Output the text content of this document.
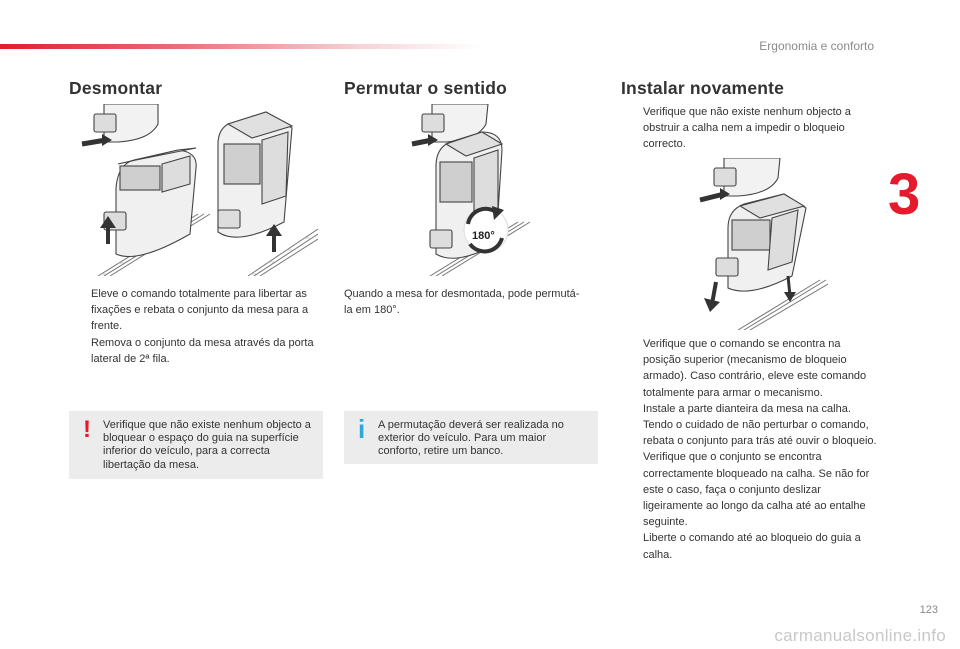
Ergonomia e conforto
3
Desmontar
Eleve o comando totalmente para libertar as fixações e rebata o conjunto da mesa para a frente.
Remova o conjunto da mesa através da porta lateral de 2ª fila.
! Verifique que não existe nenhum objecto a bloquear o espaço do guia na superfície inferior do veículo, para a correcta libertação da mesa.
Permutar o sentido
180°
Quando a mesa for desmontada, pode permutá-la em 180°.
i A permutação deverá ser realizada no exterior do veículo. Para um maior conforto, retire um banco.
Instalar novamente
Verifique que não existe nenhum objecto a obstruir a calha nem a impedir o bloqueio correcto.
Verifique que o comando se encontra na posição superior (mecanismo de bloqueio armado). Caso contrário, eleve este comando totalmente para armar o mecanismo.
Instale a parte dianteira da mesa na calha.
Tendo o cuidado de não perturbar o comando, rebata o conjunto para trás até ouvir o bloqueio.
Verifique que o conjunto se encontra correctamente bloqueado na calha. Se não for este o caso, faça o conjunto deslizar ligeiramente ao longo da calha até ao entalhe seguinte.
Liberte o comando até ao bloqueio do guia a calha.
123
carmanualsonline.info
